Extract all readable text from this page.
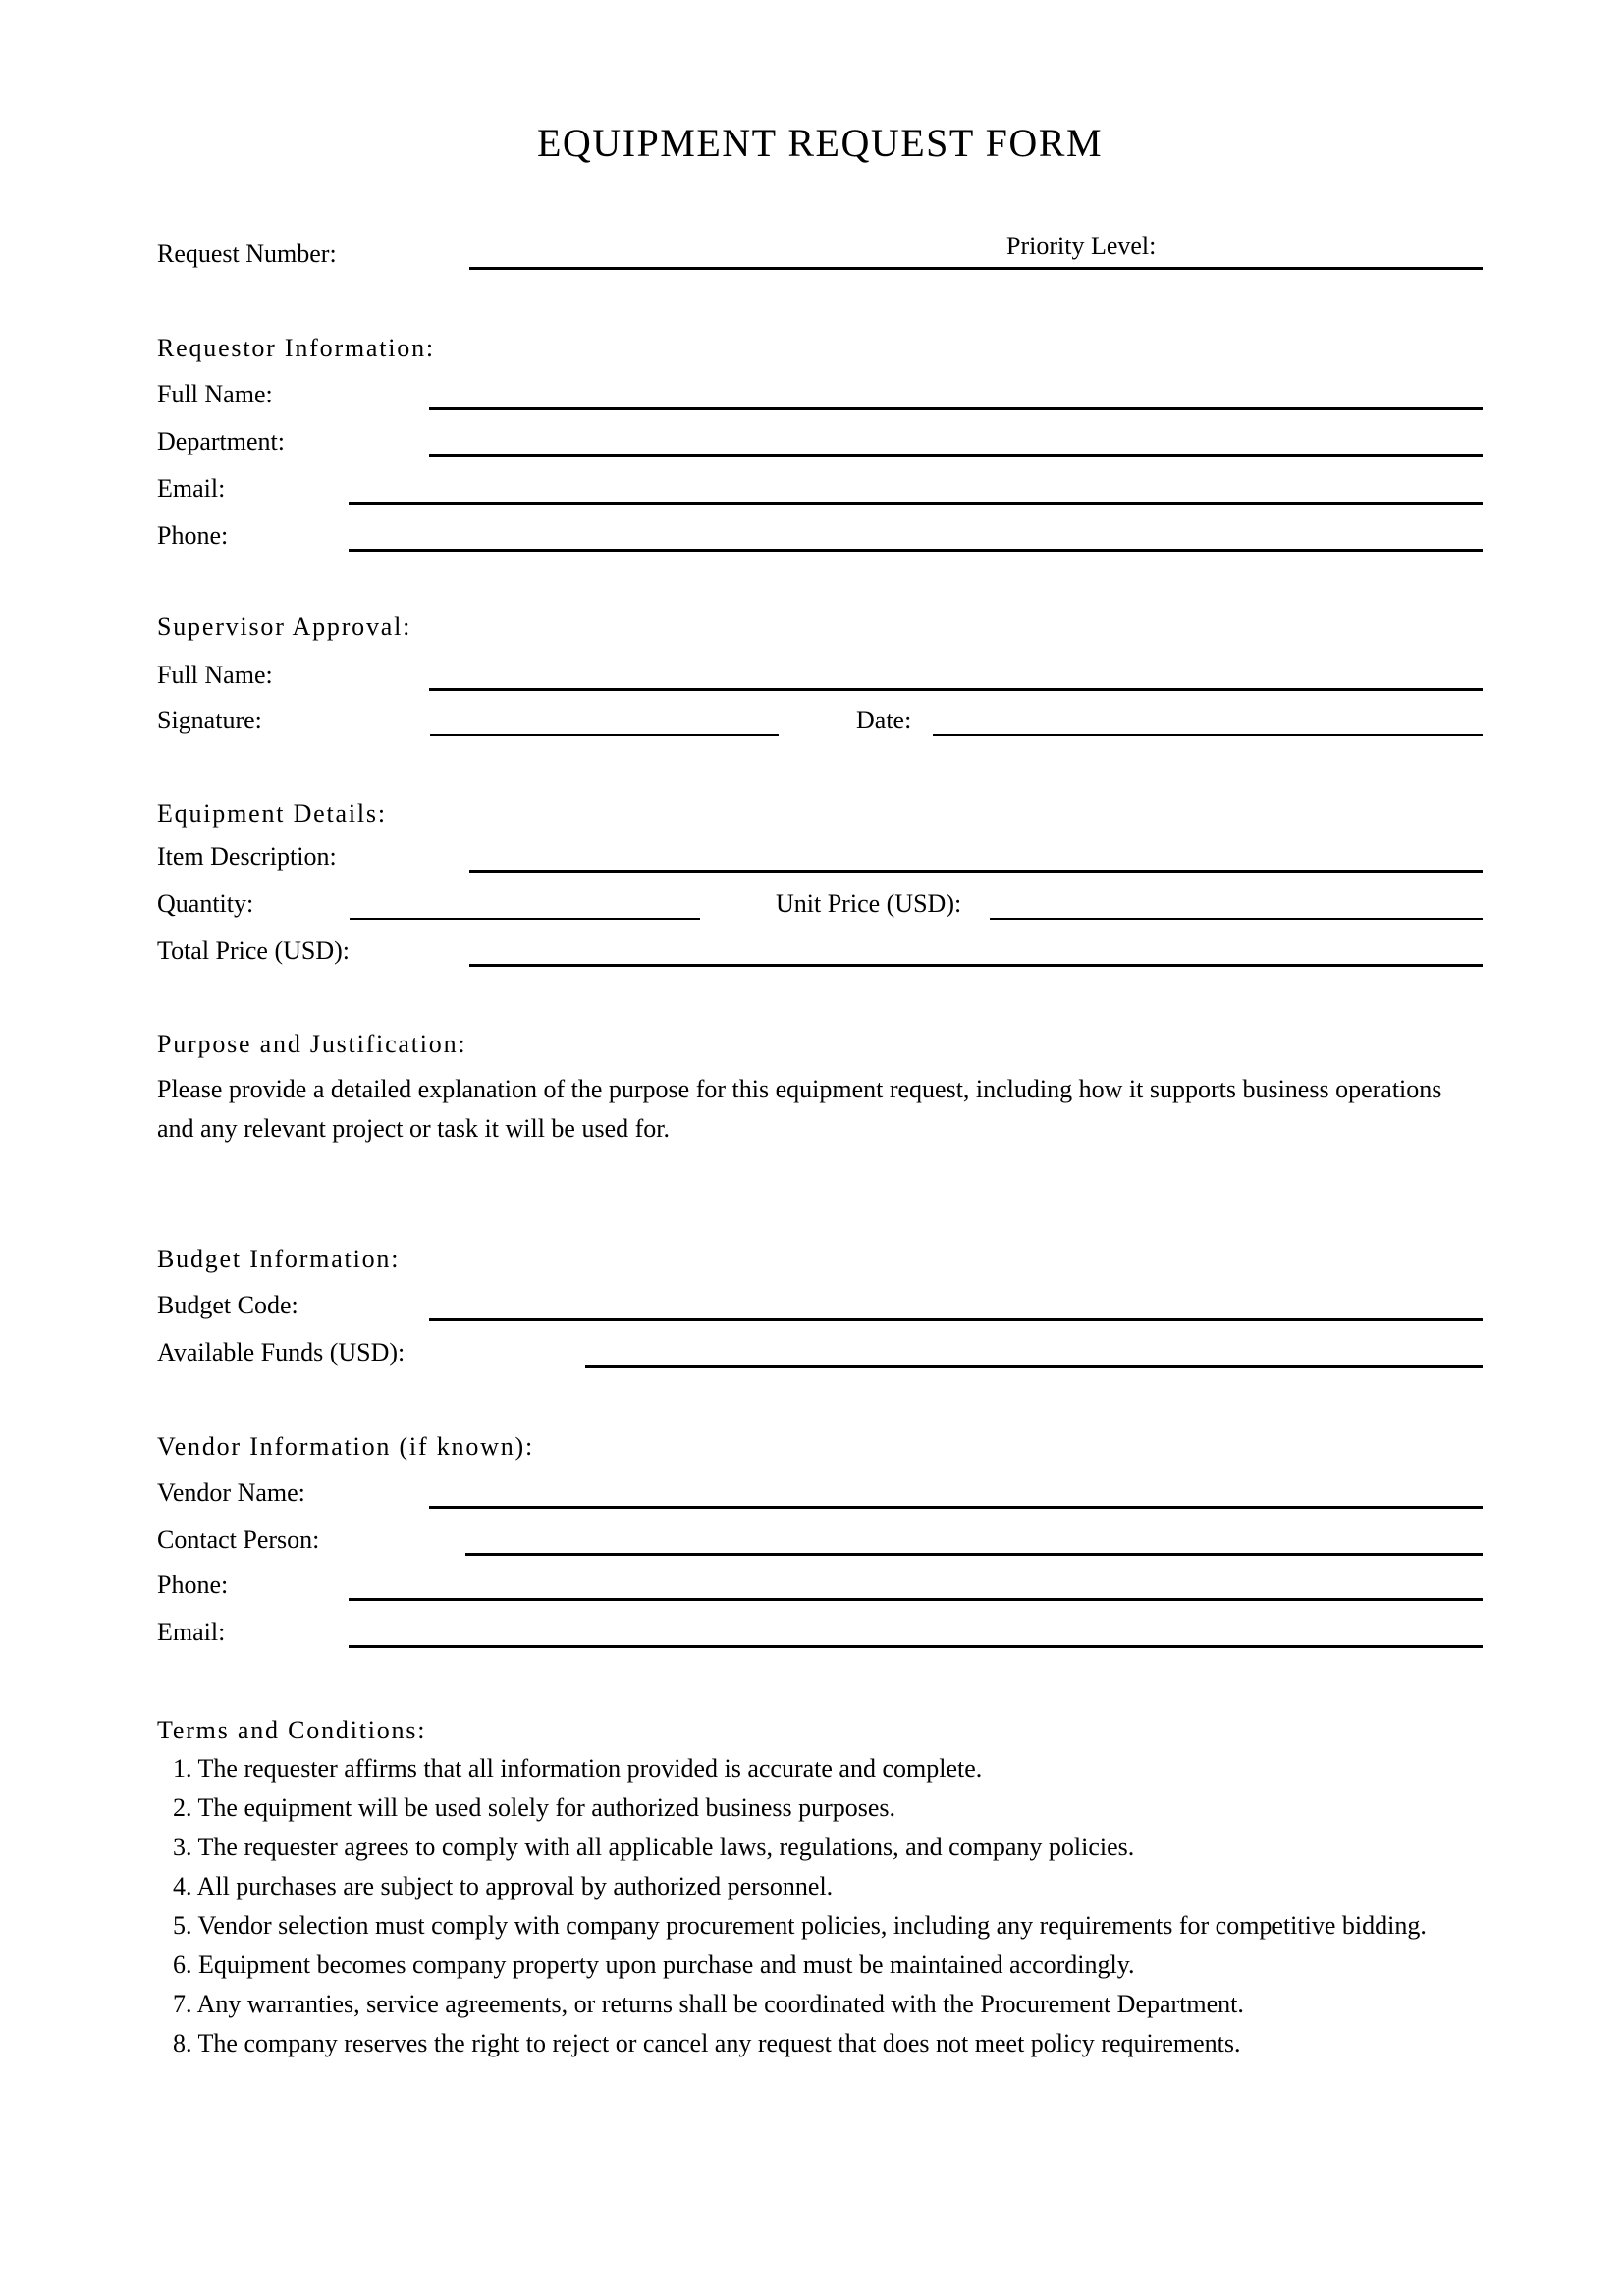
EQUIPMENT REQUEST FORM
Request Number:	Priority Level:
Requestor Information:
Full Name:
Department:
Email:
Phone:
Supervisor Approval:
Full Name:
Signature:	Date:
Equipment Details:
Item Description:
Quantity:	Unit Price (USD):
Total Price (USD):
Purpose and Justification:
Please provide a detailed explanation of the purpose for this equipment request, including how it supports business operations and any relevant project or task it will be used for.
Budget Information:
Budget Code:
Available Funds (USD):
Vendor Information (if known):
Vendor Name:
Contact Person:
Phone:
Email:
Terms and Conditions:
1. The requester affirms that all information provided is accurate and complete.
2. The equipment will be used solely for authorized business purposes.
3. The requester agrees to comply with all applicable laws, regulations, and company policies.
4. All purchases are subject to approval by authorized personnel.
5. Vendor selection must comply with company procurement policies, including any requirements for competitive bidding.
6. Equipment becomes company property upon purchase and must be maintained accordingly.
7. Any warranties, service agreements, or returns shall be coordinated with the Procurement Department.
8. The company reserves the right to reject or cancel any request that does not meet policy requirements.
